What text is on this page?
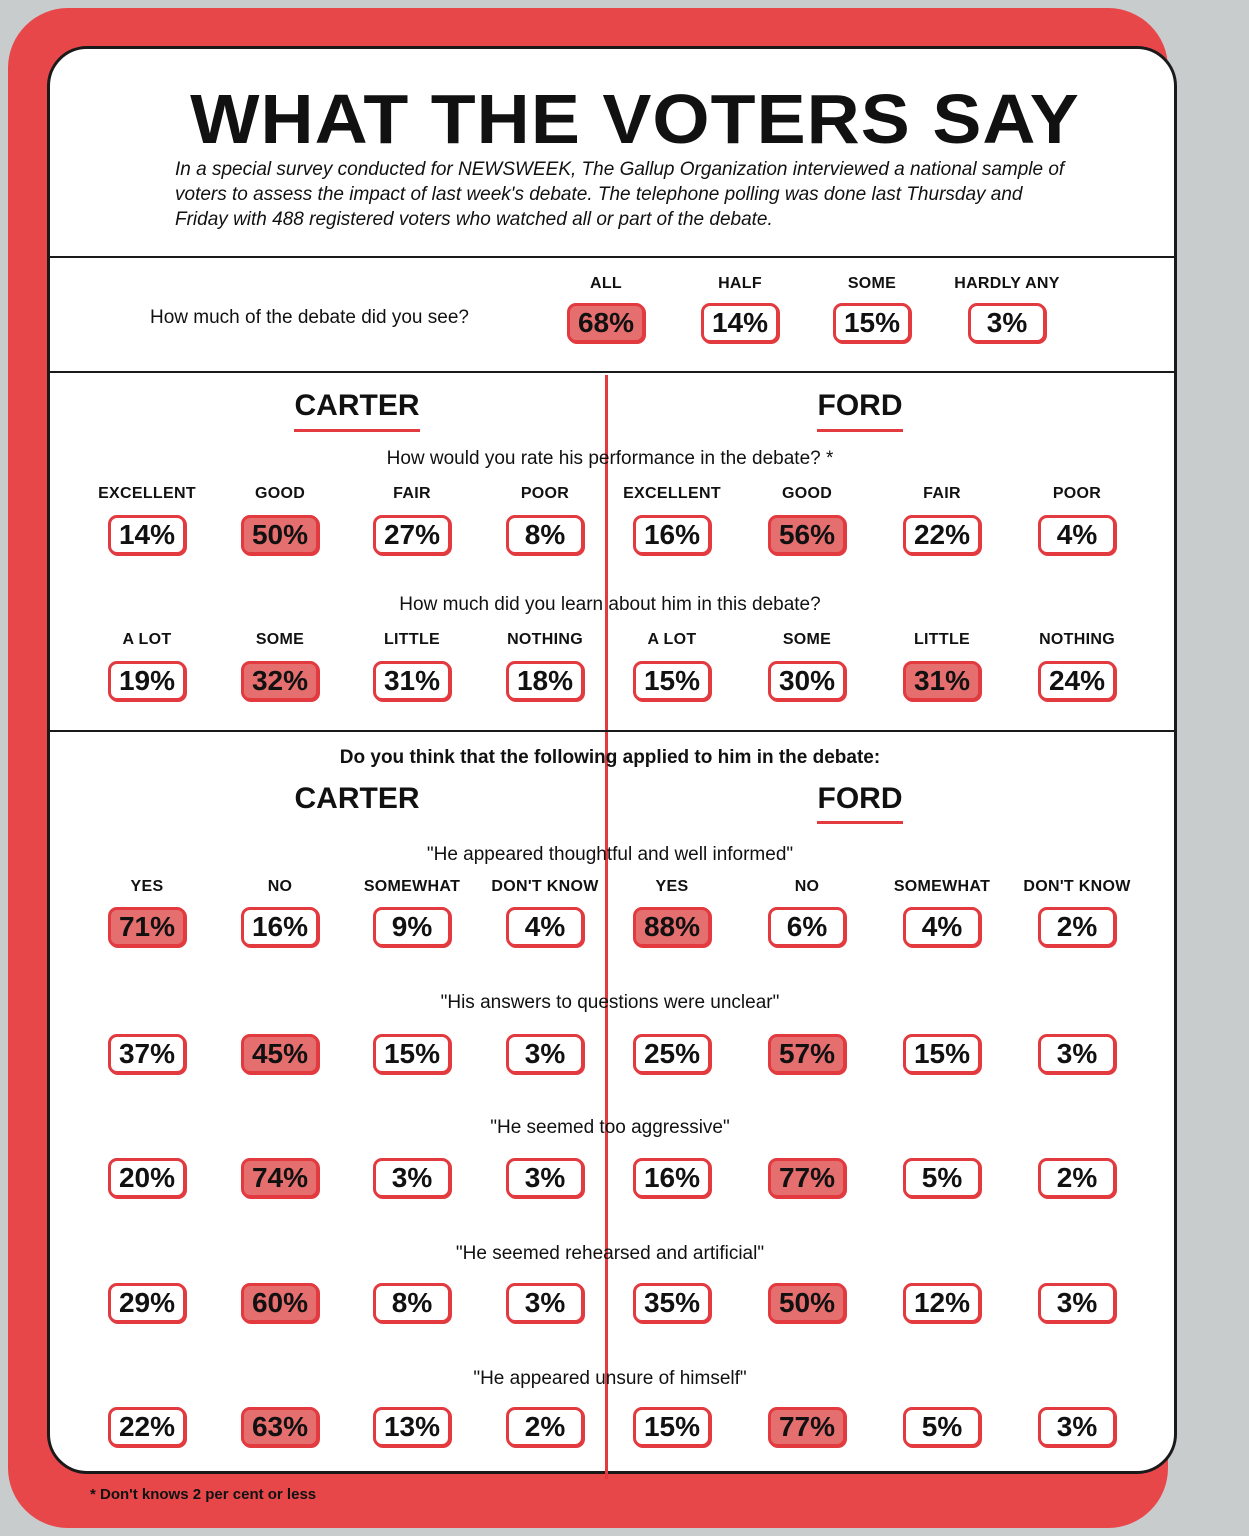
WHAT THE VOTERS SAY
In a special survey conducted for NEWSWEEK, The Gallup Organization interviewed a national sample of voters to assess the impact of last week's debate. The telephone polling was done last Thursday and Friday with 488 registered voters who watched all or part of the debate.
How much of the debate did you see?
ALL
68%
HALF
14%
SOME
15%
HARDLY ANY
3%
CARTER	FORD
How would you rate his performance in the debate? *
EXCELLENT	GOOD	FAIR	POOR	EXCELLENT	GOOD	FAIR	POOR
14%	50%	27%	8%	16%	56%	22%	4%
How much did you learn about him in this debate?
A LOT	SOME	LITTLE	NOTHING	A LOT	SOME	LITTLE	NOTHING
19%	32%	31%	18%	15%	30%	31%	24%
Do you think that the following applied to him in the debate:
CARTER	FORD
YES	NO	SOMEWHAT	DON'T KNOW	YES	NO	SOMEWHAT	DON'T KNOW
"He appeared thoughtful and well informed"
71%	16%	9%	4%	88%	6%	4%	2%
"His answers to questions were unclear"
37%	45%	15%	3%	25%	57%	15%	3%
"He seemed too aggressive"
20%	74%	3%	3%	16%	77%	5%	2%
"He seemed rehearsed and artificial"
29%	60%	8%	3%	35%	50%	12%	3%
"He appeared unsure of himself"
22%	63%	13%	2%	15%	77%	5%	3%
* Don't knows 2 per cent or less
